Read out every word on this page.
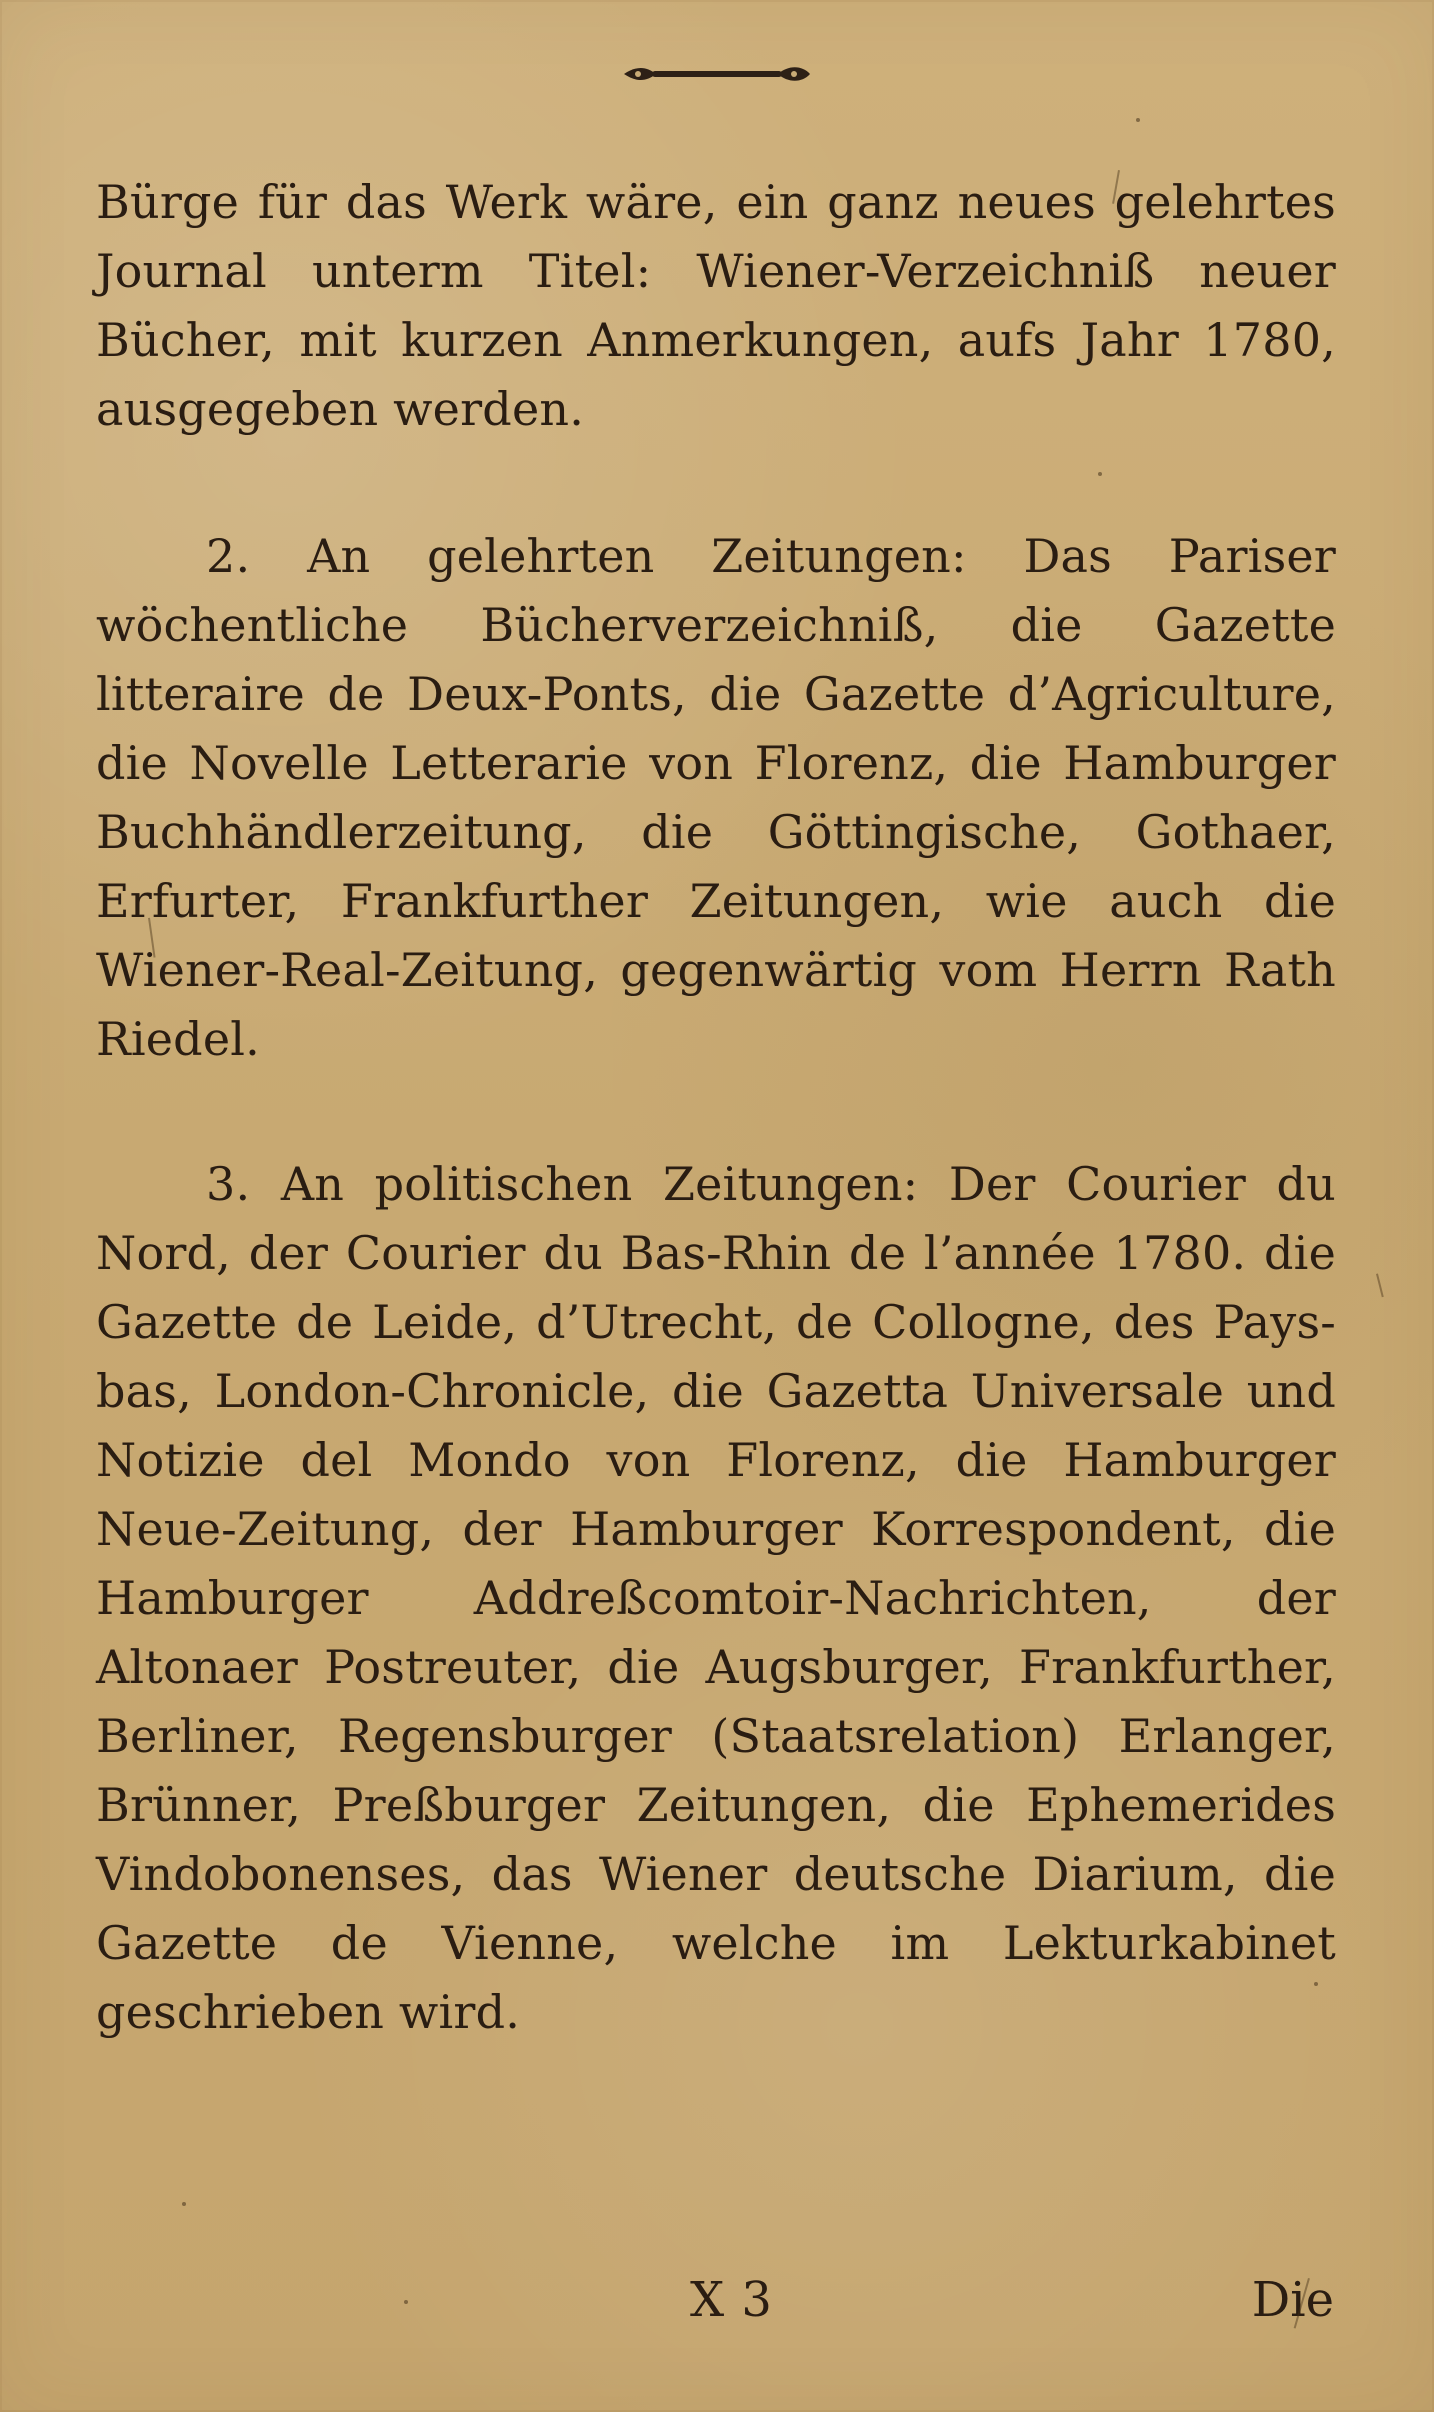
Bürge für das Werk wäre, ein ganz neues gelehrtes Journal unterm Titel: Wiener-Verzeichniß neuer Bücher, mit kurzen Anmerkungen, aufs Jahr 1780, ausgegeben werden.

2. An gelehrten Zeitungen: Das Pariser wöchentliche Bücherverzeichniß, die Gazette litteraire de Deux-Ponts, die Gazette d’Agriculture, die Novelle Letterarie von Florenz, die Hamburger Buchhändlerzeitung, die Göttingische, Gothaer, Erfurter, Frankfurther Zeitungen, wie auch die Wiener-Real-Zeitung, gegenwärtig vom Herrn Rath Riedel.

3. An politischen Zeitungen: Der Courier du Nord, der Courier du Bas-Rhin de l’année 1780. die Gazette de Leide, d’Utrecht, de Collogne, des Pays-bas, London-Chronicle, die Gazetta Universale und Notizie del Mondo von Florenz, die Hamburger Neue-Zeitung, der Hamburger Korrespondent, die Hamburger Addreßcomtoir-Nachrichten, der Altonaer Postreuter, die Augsburger, Frankfurther, Berliner, Regensburger (Staatsrelation) Erlanger, Brünner, Preßburger Zeitungen, die Ephemerides Vindobonenses, das Wiener deutsche Diarium, die Gazette de Vienne, welche im Lekturkabinet geschrieben wird.

X 3	Die
